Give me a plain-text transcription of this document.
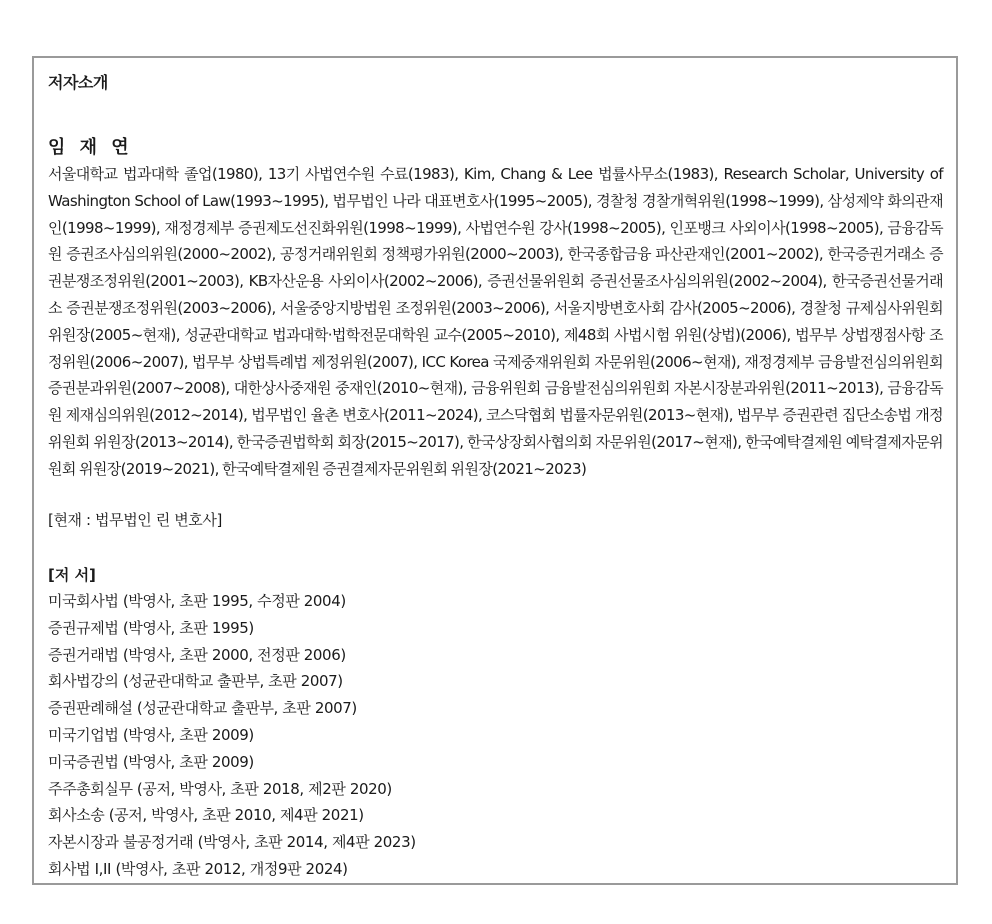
저자소개
임 재 연

서울대학교 법과대학 졸업(1980), 13기 사법연수원 수료(1983), Kim, Chang & Lee 법률사무소(1983), Research Scholar, University of Washington School of Law(1993~1995), 법무법인 나라 대표변호사(1995~2005), 경찰청 경찰개혁위원(1998~1999), 삼성제약 화의관재인(1998~1999), 재정경제부 증권제도선진화위원(1998~1999), 사법연수원 강사(1998~2005), 인포뱅크 사외이사(1998~2005), 금융감독원 증권조사심의위원(2000~2002), 공정거래위원회 정책평가위원(2000~2003), 한국종합금융 파산관재인(2001~2002), 한국증권거래소 증권분쟁조정위원(2001~2003), KB자산운용 사외이사(2002~2006), 증권선물위원회 증권선물조사심의위원(2002~2004), 한국증권선물거래소 증권분쟁조정위원(2003~2006), 서울중앙지방법원 조정위원(2003~2006), 서울지방변호사회 감사(2005~2006), 경찰청 규제심사위원회 위원장(2005~현재), 성균관대학교 법과대학·법학전문대학원 교수(2005~2010), 제48회 사법시험 위원(상법)(2006), 법무부 상법쟁점사항 조정위원(2006~2007), 법무부 상법특례법 제정위원(2007), ICC Korea 국제중재위원회 자문위원(2006~현재), 재정경제부 금융발전심의위원회 증권분과위원(2007~2008), 대한상사중재원 중재인(2010~현재), 금융위원회 금융발전심의위원회 자본시장분과위원(2011~2013), 금융감독원 제재심의위원(2012~2014), 법무법인 율촌 변호사(2011~2024), 코스닥협회 법률자문위원(2013~현재), 법무부 증권관련 집단소송법 개정위원회 위원장(2013~2014), 한국증권법학회 회장(2015~2017), 한국상장회사협의회 자문위원(2017~현재), 한국예탁결제원 예탁결제자문위원회 위원장(2019~2021), 한국예탁결제원 증권결제자문위원회 위원장(2021~2023)

[현재 : 법무법인 린 변호사]
[저 서]
미국회사법 (박영사, 초판 1995, 수정판 2004)
증권규제법 (박영사, 초판 1995)
증권거래법 (박영사, 초판 2000, 전정판 2006)
회사법강의 (성균관대학교 출판부, 초판 2007)
증권판례해설 (성균관대학교 출판부, 초판 2007)
미국기업법 (박영사, 초판 2009)
미국증권법 (박영사, 초판 2009)
주주총회실무 (공저, 박영사, 초판 2018, 제2판 2020)
회사소송 (공저, 박영사, 초판 2010, 제4판 2021)
자본시장과 불공정거래 (박영사, 초판 2014, 제4판 2023)
회사법 I,II (박영사, 초판 2012, 개정9판 2024)
